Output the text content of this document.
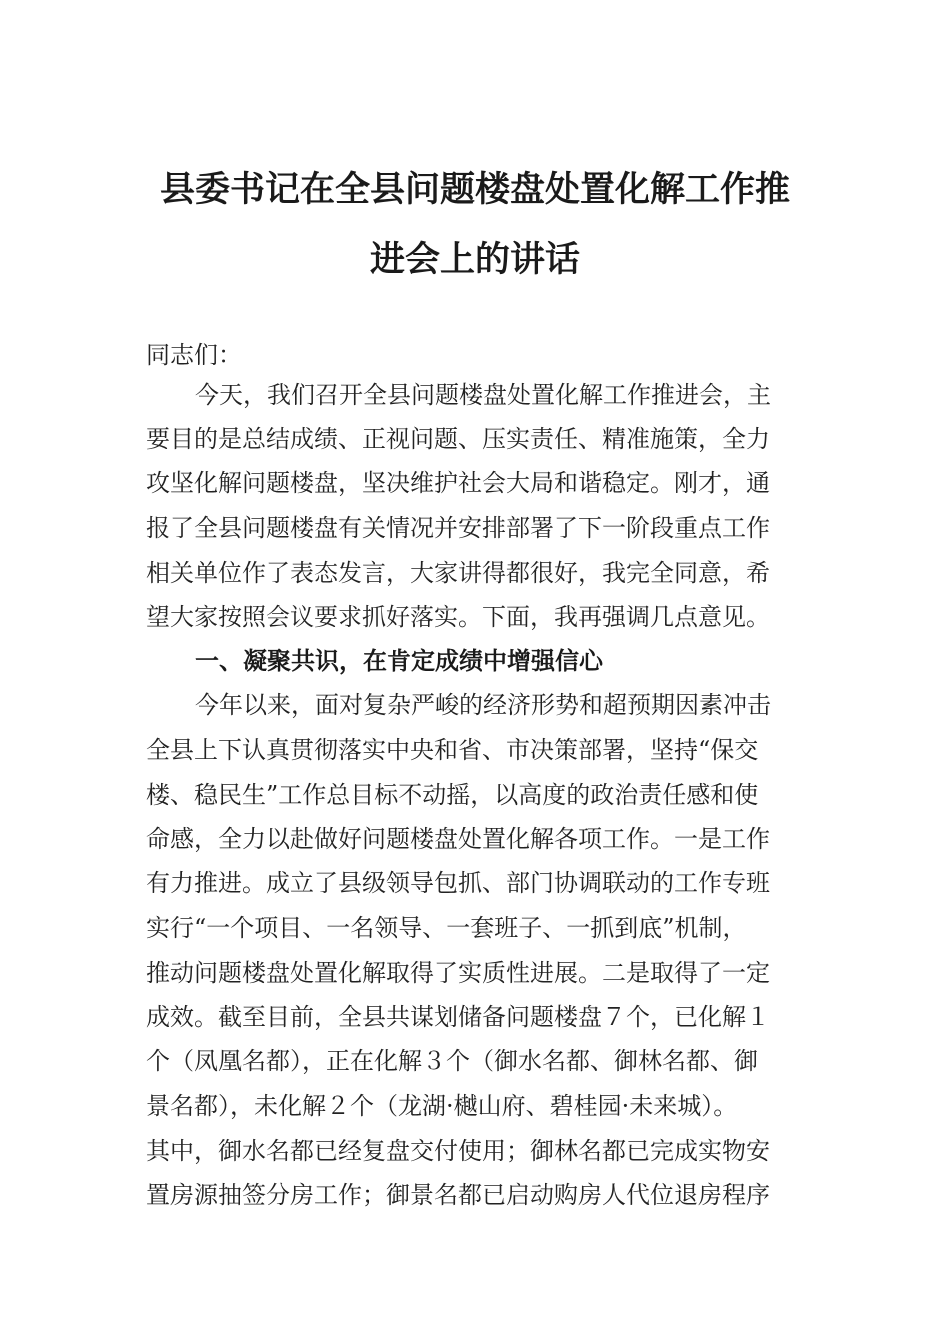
县委书记在全县问题楼盘处置化解工作推
进会上的讲话
同志们：
今天，我们召开全县问题楼盘处置化解工作推进会，主
要目的是总结成绩、正视问题、压实责任、精准施策，全力
攻坚化解问题楼盘，坚决维护社会大局和谐稳定。刚才，通
报了全县问题楼盘有关情况并安排部署了下一阶段重点工作
相关单位作了表态发言，大家讲得都很好，我完全同意，希
望大家按照会议要求抓好落实。下面，我再强调几点意见。
一、凝聚共识，在肯定成绩中增强信心
今年以来，面对复杂严峻的经济形势和超预期因素冲击
全县上下认真贯彻落实中央和省、市决策部署，坚持“保交
楼、稳民生”工作总目标不动摇，以高度的政治责任感和使
命感，全力以赴做好问题楼盘处置化解各项工作。一是工作
有力推进。成立了县级领导包抓、部门协调联动的工作专班
实行“一个项目、一名领导、一套班子、一抓到底”机制，
推动问题楼盘处置化解取得了实质性进展。二是取得了一定
成效。截至目前，全县共谋划储备问题楼盘７个，已化解１
个（凤凰名都），正在化解３个（御水名都、御林名都、御
景名都），未化解２个（龙湖·樾山府、碧桂园·未来城）。
其中，御水名都已经复盘交付使用；御林名都已完成实物安
置房源抽签分房工作；御景名都已启动购房人代位退房程序
